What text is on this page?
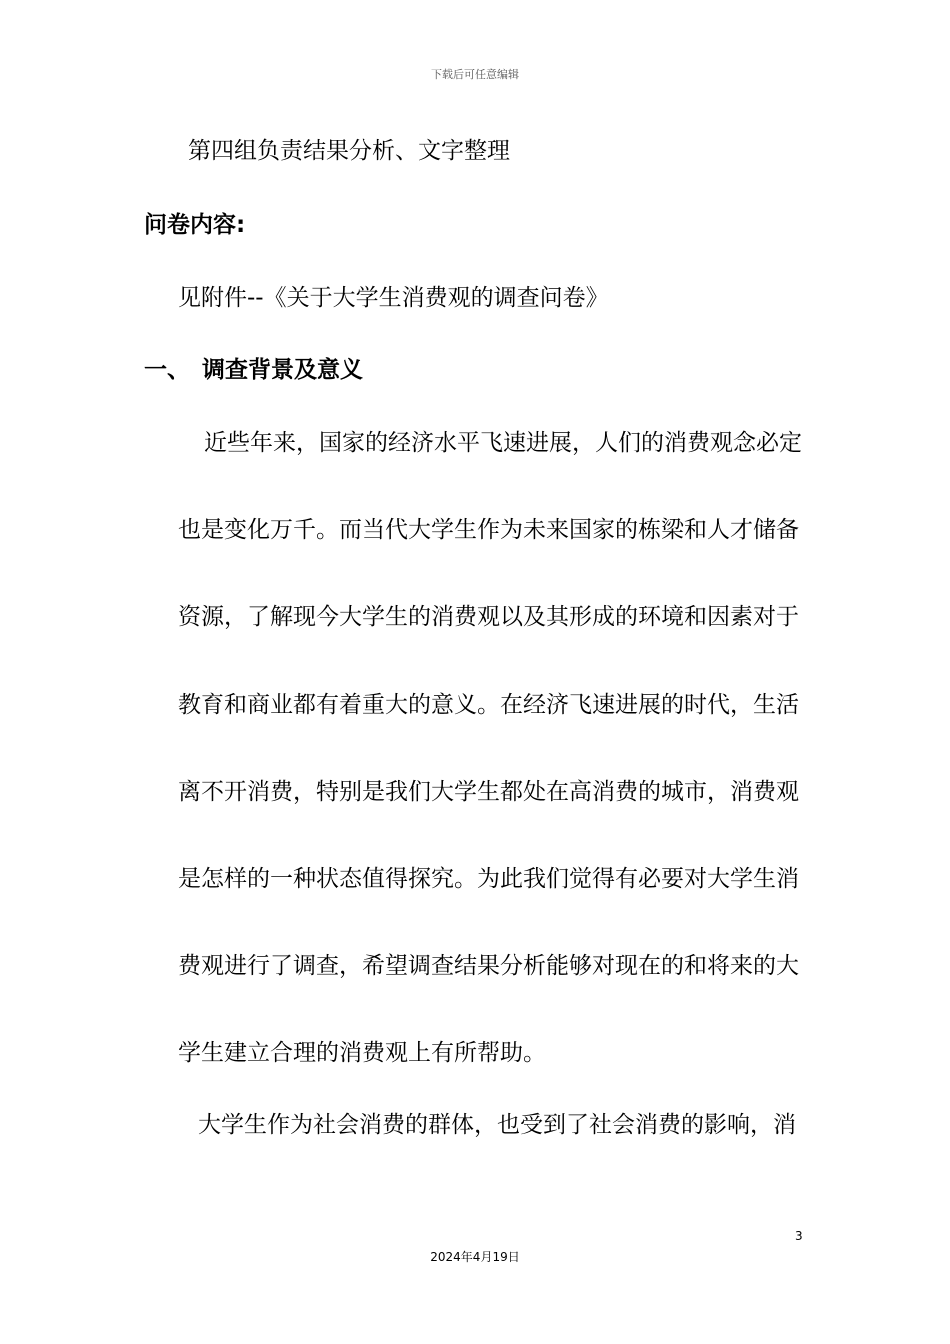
下载后可任意编辑
第四组负责结果分析、文字整理
问卷内容:
见附件--《关于大学生消费观的调查问卷》
一、 调查背景及意义
近些年来，国家的经济水平飞速进展，人们的消费观念必定
也是变化万千。而当代大学生作为未来国家的栋梁和人才储备
资源，了解现今大学生的消费观以及其形成的环境和因素对于
教育和商业都有着重大的意义。在经济飞速进展的时代，生活
离不开消费，特别是我们大学生都处在高消费的城市，消费观
是怎样的一种状态值得探究。为此我们觉得有必要对大学生消
费观进行了调查，希望调查结果分析能够对现在的和将来的大
学生建立合理的消费观上有所帮助。
大学生作为社会消费的群体，也受到了社会消费的影响，消
3
2024年4月19日
